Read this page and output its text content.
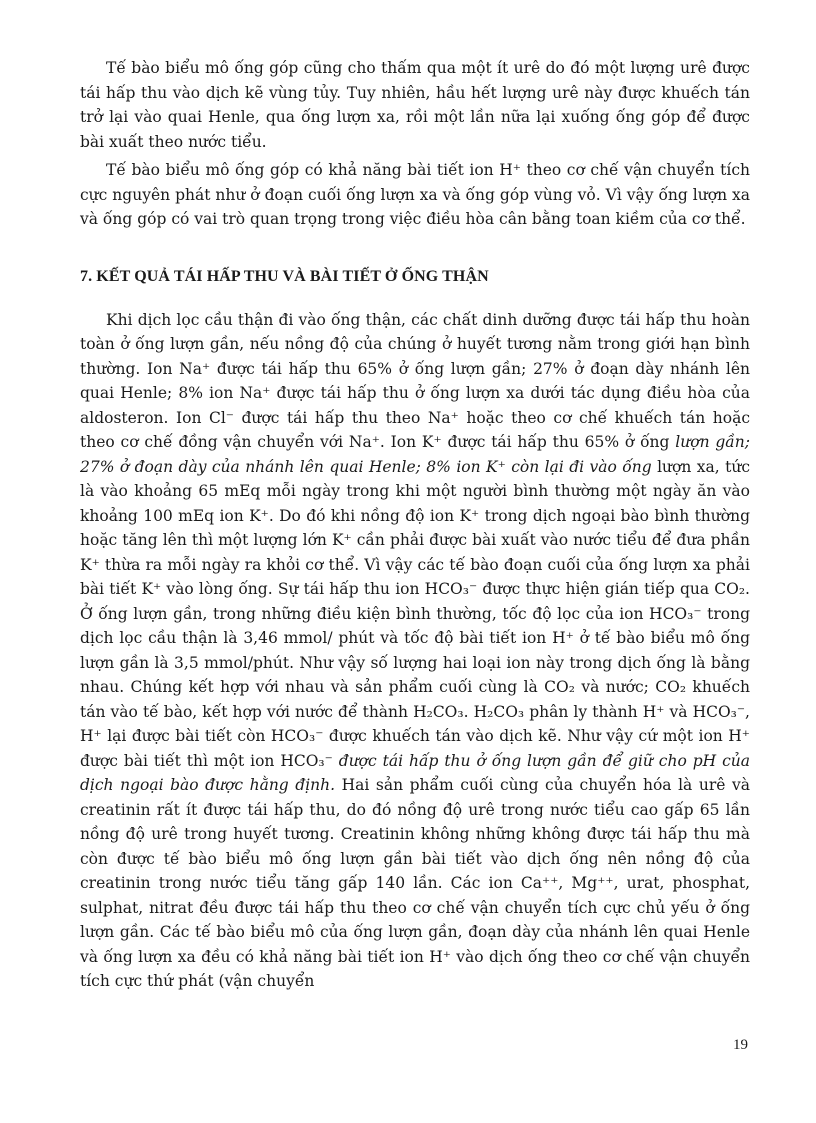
Tế bào biểu mô ống góp cũng cho thấm qua một ít urê do đó một lượng urê được tái hấp thu vào dịch kẽ vùng tủy. Tuy nhiên, hầu hết lượng urê này được khuếch tán trở lại vào quai Henle, qua ống lượn xa, rồi một lần nữa lại xuống ống góp để được bài xuất theo nước tiểu.

Tế bào biểu mô ống góp có khả năng bài tiết ion H⁺ theo cơ chế vận chuyển tích cực nguyên phát như ở đoạn cuối ống lượn xa và ống góp vùng vỏ. Vì vậy ống lượn xa và ống góp có vai trò quan trọng trong việc điều hòa cân bằng toan kiềm của cơ thể.

7. KẾT QUẢ TÁI HẤP THU VÀ BÀI TIẾT Ở ỐNG THẬN

Khi dịch lọc cầu thận đi vào ống thận, các chất dinh dưỡng được tái hấp thu hoàn toàn ở ống lượn gần, nếu nồng độ của chúng ở huyết tương nằm trong giới hạn bình thường. Ion Na⁺ được tái hấp thu 65% ở ống lượn gần; 27% ở đoạn dày nhánh lên quai Henle; 8% ion Na⁺ được tái hấp thu ở ống lượn xa dưới tác dụng điều hòa của aldosteron. Ion Cl⁻ được tái hấp thu theo Na⁺ hoặc theo cơ chế khuếch tán hoặc theo cơ chế đồng vận chuyển với Na⁺. Ion K⁺ được tái hấp thu 65% ở ống lượn gần; 27% ở đoạn dày của nhánh lên quai Henle; 8% ion K⁺ còn lại đi vào ống lượn xa, tức là vào khoảng 65 mEq mỗi ngày trong khi một người bình thường một ngày ăn vào khoảng 100 mEq ion K⁺. Do đó khi nồng độ ion K⁺ trong dịch ngoại bào bình thường hoặc tăng lên thì một lượng lớn K⁺ cần phải được bài xuất vào nước tiểu để đưa phần K⁺ thừa ra mỗi ngày ra khỏi cơ thể. Vì vậy các tế bào đoạn cuối của ống lượn xa phải bài tiết K⁺ vào lòng ống. Sự tái hấp thu ion HCO₃⁻ được thực hiện gián tiếp qua CO₂. Ở ống lượn gần, trong những điều kiện bình thường, tốc độ lọc của ion HCO₃⁻ trong dịch lọc cầu thận là 3,46 mmol/ phút và tốc độ bài tiết ion H⁺ ở tế bào biểu mô ống lượn gần là 3,5 mmol/phút. Như vậy số lượng hai loại ion này trong dịch ống là bằng nhau. Chúng kết hợp với nhau và sản phẩm cuối cùng là CO₂ và nước; CO₂ khuếch tán vào tế bào, kết hợp với nước để thành H₂CO₃. H₂CO₃ phân ly thành H⁺ và HCO₃⁻, H⁺ lại được bài tiết còn HCO₃⁻ được khuếch tán vào dịch kẽ. Như vậy cứ một ion H⁺ được bài tiết thì một ion HCO₃⁻ được tái hấp thu ở ống lượn gần để giữ cho pH của dịch ngoại bào được hằng định. Hai sản phẩm cuối cùng của chuyển hóa là urê và creatinin rất ít được tái hấp thu, do đó nồng độ urê trong nước tiểu cao gấp 65 lần nồng độ urê trong huyết tương. Creatinin không những không được tái hấp thu mà còn được tế bào biểu mô ống lượn gần bài tiết vào dịch ống nên nồng độ của creatinin trong nước tiểu tăng gấp 140 lần. Các ion Ca⁺⁺, Mg⁺⁺, urat, phosphat, sulphat, nitrat đều được tái hấp thu theo cơ chế vận chuyển tích cực chủ yếu ở ống lượn gần. Các tế bào biểu mô của ống lượn gần, đoạn dày của nhánh lên quai Henle và ống lượn xa đều có khả năng bài tiết ion H⁺ vào dịch ống theo cơ chế vận chuyển tích cực thứ phát (vận chuyển

19
